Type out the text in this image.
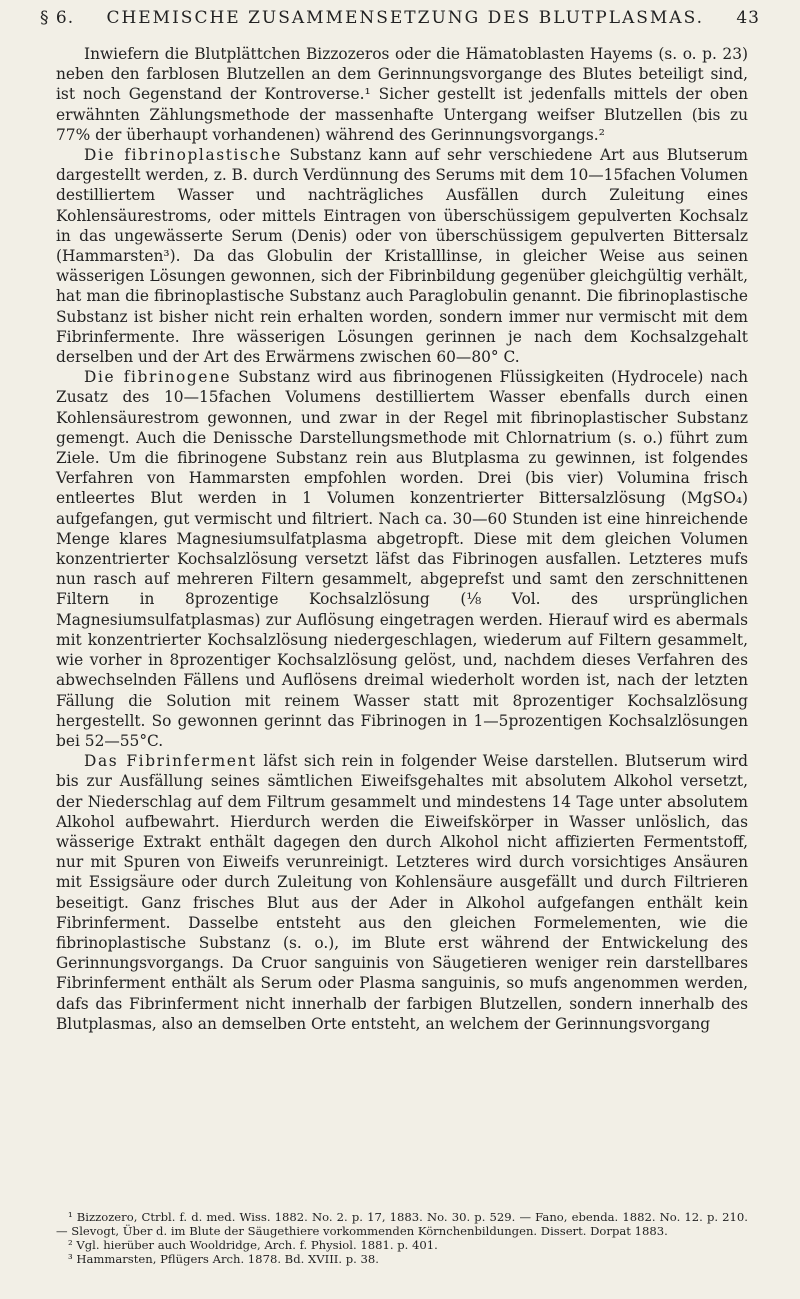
§ 6. CHEMISCHE ZUSAMMENSETZUNG DES BLUTPLASMAS. 43

Inwiefern die Blutplättchen Bizzozeros oder die Hämatoblasten Hayems (s. o. p. 23) neben den farblosen Blutzellen an dem Gerinnungsvorgange des Blutes beteiligt sind, ist noch Gegenstand der Kontroverse.¹ Sicher gestellt ist jedenfalls mittels der oben erwähnten Zählungsmethode der massenhafte Untergang weifser Blutzellen (bis zu 77% der überhaupt vorhandenen) während des Gerinnungsvorgangs.²

Die fibrinoplastische Substanz kann auf sehr verschiedene Art aus Blutserum dargestellt werden, z. B. durch Verdünnung des Serums mit dem 10—15fachen Volumen destilliertem Wasser und nachträgliches Ausfällen durch Zuleitung eines Kohlensäurestroms, oder mittels Eintragen von überschüssigem gepulverten Kochsalz in das ungewässerte Serum (Denis) oder von überschüssigem gepulverten Bittersalz (Hammarsten³). Da das Globulin der Kristalllinse, in gleicher Weise aus seinen wässerigen Lösungen gewonnen, sich der Fibrinbildung gegenüber gleichgültig verhält, hat man die fibrinoplastische Substanz auch Paraglobulin genannt. Die fibrinoplastische Substanz ist bisher nicht rein erhalten worden, sondern immer nur vermischt mit dem Fibrinfermente. Ihre wässerigen Lösungen gerinnen je nach dem Kochsalzgehalt derselben und der Art des Erwärmens zwischen 60—80° C.

Die fibrinogene Substanz wird aus fibrinogenen Flüssigkeiten (Hydrocele) nach Zusatz des 10—15fachen Volumens destilliertem Wasser ebenfalls durch einen Kohlensäurestrom gewonnen, und zwar in der Regel mit fibrinoplastischer Substanz gemengt. Auch die Denissche Darstellungsmethode mit Chlornatrium (s. o.) führt zum Ziele. Um die fibrinogene Substanz rein aus Blutplasma zu gewinnen, ist folgendes Verfahren von Hammarsten empfohlen worden. Drei (bis vier) Volumina frisch entleertes Blut werden in 1 Volumen konzentrierter Bittersalzlösung (MgSO₄) aufgefangen, gut vermischt und filtriert. Nach ca. 30—60 Stunden ist eine hinreichende Menge klares Magnesiumsulfatplasma abgetropft. Diese mit dem gleichen Volumen konzentrierter Kochsalzlösung versetzt läfst das Fibrinogen ausfallen. Letzteres mufs nun rasch auf mehreren Filtern gesammelt, abgeprefst und samt den zerschnittenen Filtern in 8prozentige Kochsalzlösung (⅛ Vol. des ursprünglichen Magnesiumsulfatplasmas) zur Auflösung eingetragen werden. Hierauf wird es abermals mit konzentrierter Kochsalzlösung niedergeschlagen, wiederum auf Filtern gesammelt, wie vorher in 8prozentiger Kochsalzlösung gelöst, und, nachdem dieses Verfahren des abwechselnden Fällens und Auflösens dreimal wiederholt worden ist, nach der letzten Fällung die Solution mit reinem Wasser statt mit 8prozentiger Kochsalzlösung hergestellt. So gewonnen gerinnt das Fibrinogen in 1—5prozentigen Kochsalzlösungen bei 52—55°C.

Das Fibrinferment läfst sich rein in folgender Weise darstellen. Blutserum wird bis zur Ausfällung seines sämtlichen Eiweifsgehaltes mit absolutem Alkohol versetzt, der Niederschlag auf dem Filtrum gesammelt und mindestens 14 Tage unter absolutem Alkohol aufbewahrt. Hierdurch werden die Eiweifskörper in Wasser unlöslich, das wässerige Extrakt enthält dagegen den durch Alkohol nicht affizierten Fermentstoff, nur mit Spuren von Eiweifs verunreinigt. Letzteres wird durch vorsichtiges Ansäuren mit Essigsäure oder durch Zuleitung von Kohlensäure ausgefällt und durch Filtrieren beseitigt. Ganz frisches Blut aus der Ader in Alkohol aufgefangen enthält kein Fibrinferment. Dasselbe entsteht aus den gleichen Formelementen, wie die fibrinoplastische Substanz (s. o.), im Blute erst während der Entwickelung des Gerinnungsvorgangs. Da Cruor sanguinis von Säugetieren weniger rein darstellbares Fibrinferment enthält als Serum oder Plasma sanguinis, so mufs angenommen werden, dafs das Fibrinferment nicht innerhalb der farbigen Blutzellen, sondern innerhalb des Blutplasmas, also an demselben Orte entsteht, an welchem der Gerinnungsvorgang

¹ Bizzozero, Ctrbl. f. d. med. Wiss. 1882. No. 2. p. 17, 1883. No. 30. p. 529. — Fano, ebenda. 1882. No. 12. p. 210. — Slevogt, Über d. im Blute der Säugethiere vorkommenden Körnchenbildungen. Dissert. Dorpat 1883.

² Vgl. hierüber auch Wooldridge, Arch. f. Physiol. 1881. p. 401.

³ Hammarsten, Pflügers Arch. 1878. Bd. XVIII. p. 38.
